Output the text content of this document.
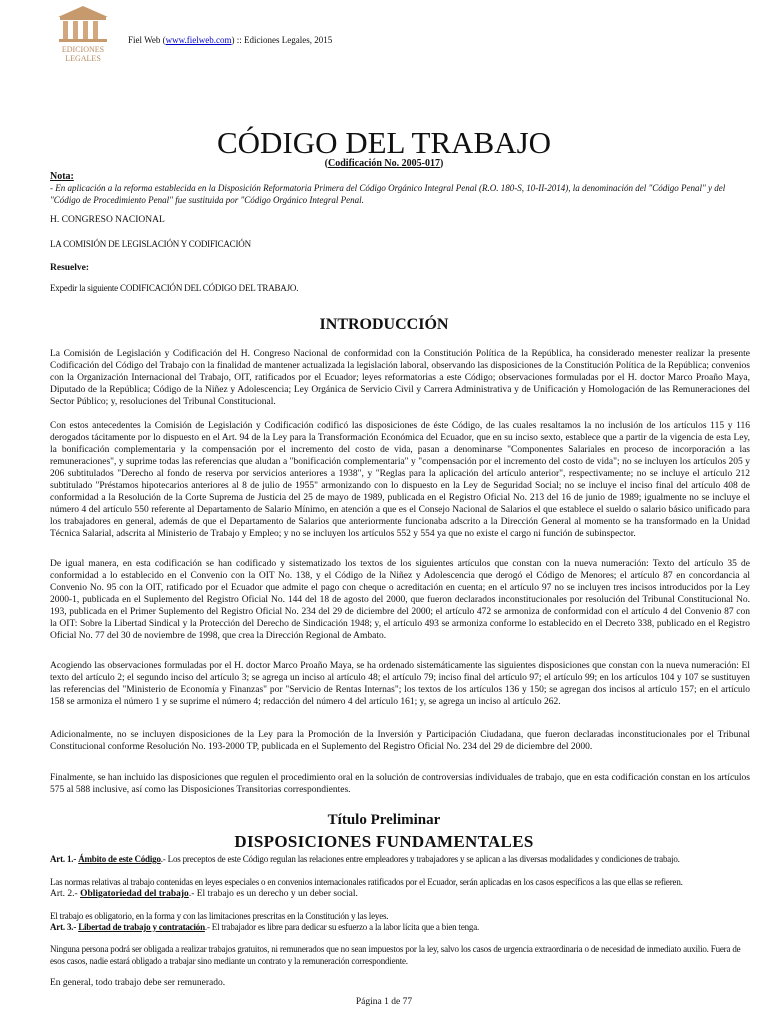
EDICIONES
LEGALES
Fiel Web (www.fielweb.com) :: Ediciones Legales, 2015
CÓDIGO DEL TRABAJO
(Codificación No. 2005-017)
Nota:
- En aplicación a la reforma establecida en la Disposición Reformatoria Primera del Código Orgánico Integral Penal (R.O. 180-S, 10-II-2014), la denominación del "Código Penal" y del "Código de Procedimiento Penal" fue sustituida por "Código Orgánico Integral Penal.
H. CONGRESO NACIONAL
LA COMISIÓN DE LEGISLACIÓN Y CODIFICACIÓN
Resuelve:
Expedir la siguiente CODIFICACIÓN DEL CÓDIGO DEL TRABAJO.
INTRODUCCIÓN
La Comisión de Legislación y Codificación del H. Congreso Nacional de conformidad con la Constitución Política de la República, ha considerado menester realizar la presente Codificación del Código del Trabajo con la finalidad de mantener actualizada la legislación laboral, observando las disposiciones de la Constitución Política de la República; convenios con la Organización Internacional del Trabajo, OIT, ratificados por el Ecuador; leyes reformatorias a este Código; observaciones formuladas por el H. doctor Marco Proaño Maya, Diputado de la República; Código de la Niñez y Adolescencia; Ley Orgánica de Servicio Civil y Carrera Administrativa y de Unificación y Homologación de las Remuneraciones del Sector Público; y, resoluciones del Tribunal Constitucional.
Con estos antecedentes la Comisión de Legislación y Codificación codificó las disposiciones de éste Código, de las cuales resaltamos la no inclusión de los artículos 115 y 116 derogados tácitamente por lo dispuesto en el Art. 94 de la Ley para la Transformación Económica del Ecuador, que en su inciso sexto, establece que a partir de la vigencia de esta Ley, la bonificación complementaria y la compensación por el incremento del costo de vida, pasan a denominarse "Componentes Salariales en proceso de incorporación a las remuneraciones", y suprime todas las referencias que aludan a "bonificación complementaria" y "compensación por el incremento del costo de vida"; no se incluyen los artículos 205 y 206 subtitulados "Derecho al fondo de reserva por servicios anteriores a 1938", y "Reglas para la aplicación del artículo anterior", respectivamente; no se incluye el artículo 212 subtitulado "Préstamos hipotecarios anteriores al 8 de julio de 1955" armonizando con lo dispuesto en la Ley de Seguridad Social; no se incluye el inciso final del artículo 408 de conformidad a la Resolución de la Corte Suprema de Justicia del 25 de mayo de 1989, publicada en el Registro Oficial No. 213 del 16 de junio de 1989; igualmente no se incluye el número 4 del artículo 550 referente al Departamento de Salario Mínimo, en atención a que es el Consejo Nacional de Salarios el que establece el sueldo o salario básico unificado para los trabajadores en general, además de que el Departamento de Salarios que anteriormente funcionaba adscrito a la Dirección General al momento se ha transformado en la Unidad Técnica Salarial, adscrita al Ministerio de Trabajo y Empleo; y no se incluyen los artículos 552 y 554 ya que no existe el cargo ni función de subinspector.
De igual manera, en esta codificación se han codificado y sistematizado los textos de los siguientes artículos que constan con la nueva numeración: Texto del artículo 35 de conformidad a lo establecido en el Convenio con la OIT No. 138, y el Código de la Niñez y Adolescencia que derogó el Código de Menores; el artículo 87 en concordancia al Convenio No. 95 con la OIT, ratificado por el Ecuador que admite el pago con cheque o acreditación en cuenta; en el artículo 97 no se incluyen tres incisos introducidos por la Ley 2000-1, publicada en el Suplemento del Registro Oficial No. 144 del 18 de agosto del 2000, que fueron declarados inconstitucionales por resolución del Tribunal Constitucional No. 193, publicada en el Primer Suplemento del Registro Oficial No. 234 del 29 de diciembre del 2000; el artículo 472 se armoniza de conformidad con el artículo 4 del Convenio 87 con la OIT: Sobre la Libertad Sindical y la Protección del Derecho de Sindicación 1948; y, el artículo 493 se armoniza conforme lo establecido en el Decreto 338, publicado en el Registro Oficial No. 77 del 30 de noviembre de 1998, que crea la Dirección Regional de Ambato.
Acogiendo las observaciones formuladas por el H. doctor Marco Proaño Maya, se ha ordenado sistemáticamente las siguientes disposiciones que constan con la nueva numeración: El texto del artículo 2; el segundo inciso del artículo 3; se agrega un inciso al artículo 48; el artículo 79; inciso final del artículo 97; el artículo 99; en los artículos 104 y 107 se sustituyen las referencias del "Ministerio de Economía y Finanzas" por "Servicio de Rentas Internas"; los textos de los artículos 136 y 150; se agregan dos incisos al artículo 157; en el artículo 158 se armoniza el número 1 y se suprime el número 4; redacción del número 4 del artículo 161; y, se agrega un inciso al artículo 262.
Adicionalmente, no se incluyen disposiciones de la Ley para la Promoción de la Inversión y Participación Ciudadana, que fueron declaradas inconstitucionales por el Tribunal Constitucional conforme Resolución No. 193-2000 TP, publicada en el Suplemento del Registro Oficial No. 234 del 29 de diciembre del 2000.
Finalmente, se han incluido las disposiciones que regulen el procedimiento oral en la solución de controversias individuales de trabajo, que en esta codificación constan en los artículos 575 al 588 inclusive, así como las Disposiciones Transitorias correspondientes.
Título Preliminar
DISPOSICIONES FUNDAMENTALES
Art. 1.- Ámbito de este Código.- Los preceptos de este Código regulan las relaciones entre empleadores y trabajadores y se aplican a las diversas modalidades y condiciones de trabajo.
Las normas relativas al trabajo contenidas en leyes especiales o en convenios internacionales ratificados por el Ecuador, serán aplicadas en los casos específicos a las que ellas se refieren.
Art. 2.- Obligatoriedad del trabajo.- El trabajo es un derecho y un deber social.
El trabajo es obligatorio, en la forma y con las limitaciones prescritas en la Constitución y las leyes.
Art. 3.- Libertad de trabajo y contratación.- El trabajador es libre para dedicar su esfuerzo a la labor lícita que a bien tenga.
Ninguna persona podrá ser obligada a realizar trabajos gratuitos, ni remunerados que no sean impuestos por la ley, salvo los casos de urgencia extraordinaria o de necesidad de inmediato auxilio. Fuera de esos casos, nadie estará obligado a trabajar sino mediante un contrato y la remuneración correspondiente.
En general, todo trabajo debe ser remunerado.
Página 1 de 77
